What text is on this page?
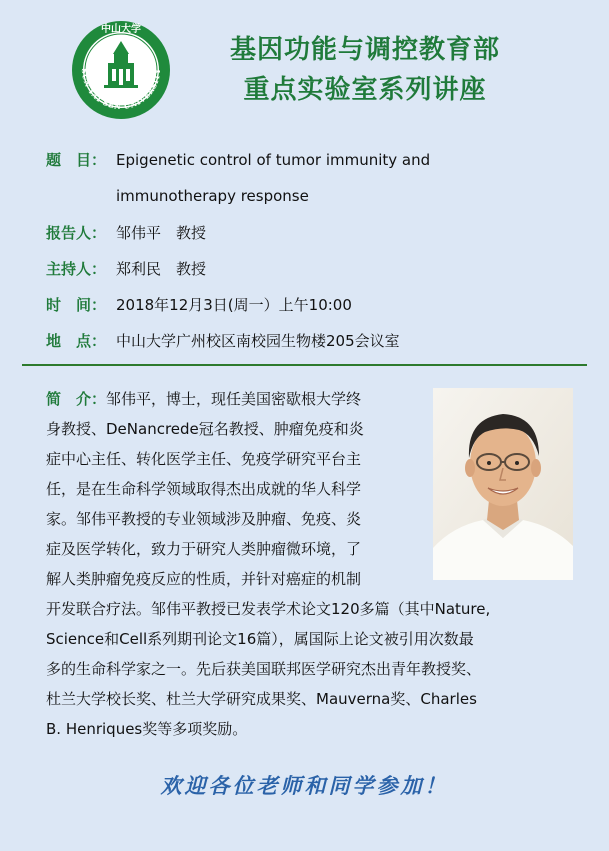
中山大学
SUN YAT-SEN UNIVERSITY
基因功能与调控教育部
重点实验室系列讲座
题　目： Epigenetic control of tumor immunity and
immunotherapy response
报告人： 邹伟平　教授
主持人： 郑利民　教授
时　间： 2018年12月3日(周一）上午10:00
地　点： 中山大学广州校区南校园生物楼205会议室
简　介：邹伟平，博士，现任美国密歇根大学终
身教授、DeNancrede冠名教授、肿瘤免疫和炎
症中心主任、转化医学主任、免疫学研究平台主
任，是在生命科学领域取得杰出成就的华人科学
家。邹伟平教授的专业领域涉及肿瘤、免疫、炎
症及医学转化，致力于研究人类肿瘤微环境，了
解人类肿瘤免疫反应的性质，并针对癌症的机制
开发联合疗法。邹伟平教授已发表学术论文120多篇（其中Nature,
Science和Cell系列期刊论文16篇），属国际上论文被引用次数最
多的生命科学家之一。先后获美国联邦医学研究杰出青年教授奖、
杜兰大学校长奖、杜兰大学研究成果奖、Mauverna奖、Charles
B. Henriques奖等多项奖励。
欢迎各位老师和同学参加！
